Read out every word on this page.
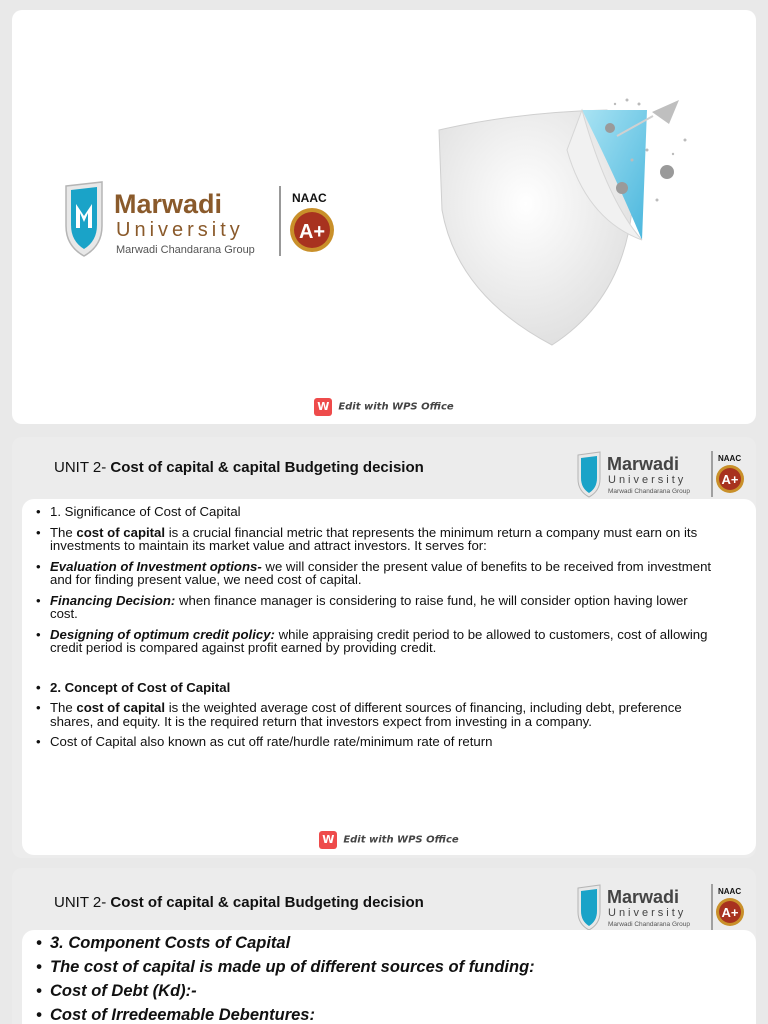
Marwadi
University
Marwadi Chandarana Group
NAAC
A+
W Edit with WPS Office
UNIT 2- Cost of capital & capital Budgeting decision	Marwadi
University
Marwadi Chandarana Group
NAAC
A+
• 1. Significance of Cost of Capital
• The cost of capital is a crucial financial metric that represents the minimum return a company must earn on its investments to maintain its market value and attract investors. It serves for:
• Evaluation of Investment options- we will consider the present value of benefits to be received from investment and for finding present value, we need cost of capital.
• Financing Decision: when finance manager is considering to raise fund, he will consider option having lower cost.
• Designing of optimum credit policy: while appraising credit period to be allowed to customers, cost of allowing credit period is compared against profit earned by providing credit.
• 2. Concept of Cost of Capital
• The cost of capital is the weighted average cost of different sources of financing, including debt, preference shares, and equity. It is the required return that investors expect from investing in a company.
• Cost of Capital also known as cut off rate/hurdle rate/minimum rate of return
W Edit with WPS Office
UNIT 2- Cost of capital & capital Budgeting decision	Marwadi
University
Marwadi Chandarana Group
NAAC
A+
• 3. Component Costs of Capital
• The cost of capital is made up of different sources of funding:
• Cost of Debt (Kd):-
• Cost of Irredeemable Debentures:
